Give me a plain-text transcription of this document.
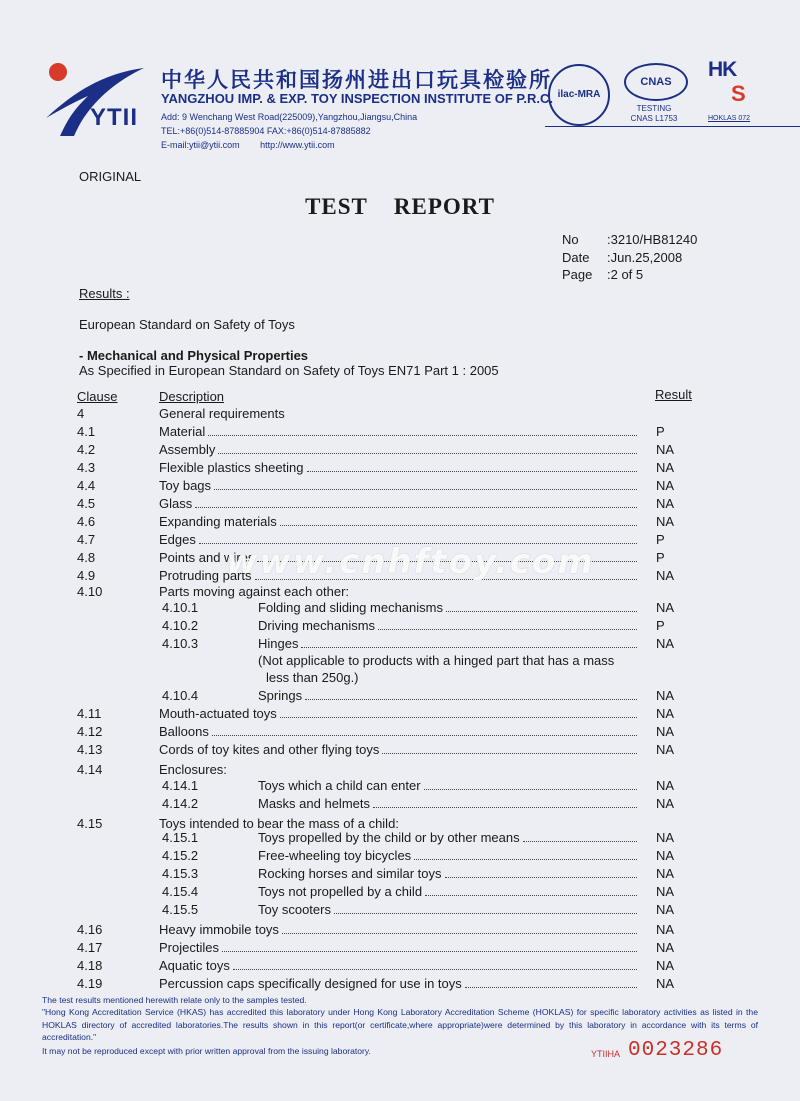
YTII
中华人民共和国扬州进出口玩具检验所
YANGZHOU IMP. & EXP. TOY INSPECTION INSTITUTE OF P.R.C.
Add: 9 Wenchang West Road(225009),Yangzhou,Jiangsu,China
TEL:+86(0)514-87885904 FAX:+86(0)514-87885882
E-mail:ytii@ytii.com http://www.ytii.com
ilac-MRA
CNAS
TESTING
CNAS L1753
HK
S
HOKLAS 072
ORIGINAL
TEST REPORT
No :3210/HB81240
Date :Jun.25,2008
Page :2 of 5
Results :
European Standard on Safety of Toys
- Mechanical and Physical Properties
As Specified in European Standard on Safety of Toys EN71 Part 1 : 2005
Clause	Description	Result
4	General requirements
4.1	Material	P
4.2	Assembly	NA
4.3	Flexible plastics sheeting	NA
4.4	Toy bags	NA
4.5	Glass	NA
4.6	Expanding materials	NA
4.7	Edges	P
4.8	Points and wires	P
4.9	Protruding parts	NA
4.10	Parts moving against each other:
4.10.1	Folding and sliding mechanisms	NA
4.10.2	Driving mechanisms	P
4.10.3	Hinges	NA
(Not applicable to products with a hinged part that has a mass
less than 250g.)
4.10.4	Springs	NA
4.11	Mouth-actuated toys	NA
4.12	Balloons	NA
4.13	Cords of toy kites and other flying toys	NA
4.14	Enclosures:
4.14.1	Toys which a child can enter	NA
4.14.2	Masks and helmets	NA
4.15	Toys intended to bear the mass of a child:
4.15.1	Toys propelled by the child or by other means	NA
4.15.2	Free-wheeling toy bicycles	NA
4.15.3	Rocking horses and similar toys	NA
4.15.4	Toys not propelled by a child	NA
4.15.5	Toy scooters	NA
4.16	Heavy immobile toys	NA
4.17	Projectiles	NA
4.18	Aquatic toys	NA
4.19	Percussion caps specifically designed for use in toys	NA
www.cnhftoy.com
The test results mentioned herewith relate only to the samples tested.
"Hong Kong Accreditation Service (HKAS) has accredited this laboratory under Hong Kong Laboratory Accreditation Scheme (HOKLAS) for specific laboratory activities as listed in the HOKLAS directory of accredited laboratories.The results shown in this report(or certificate,where appropriate)were determined by this laboratory in accordance with its terms of accreditation."
It may not be reproduced except with prior written approval from the issuing laboratory.	YTIIHA 0023286
